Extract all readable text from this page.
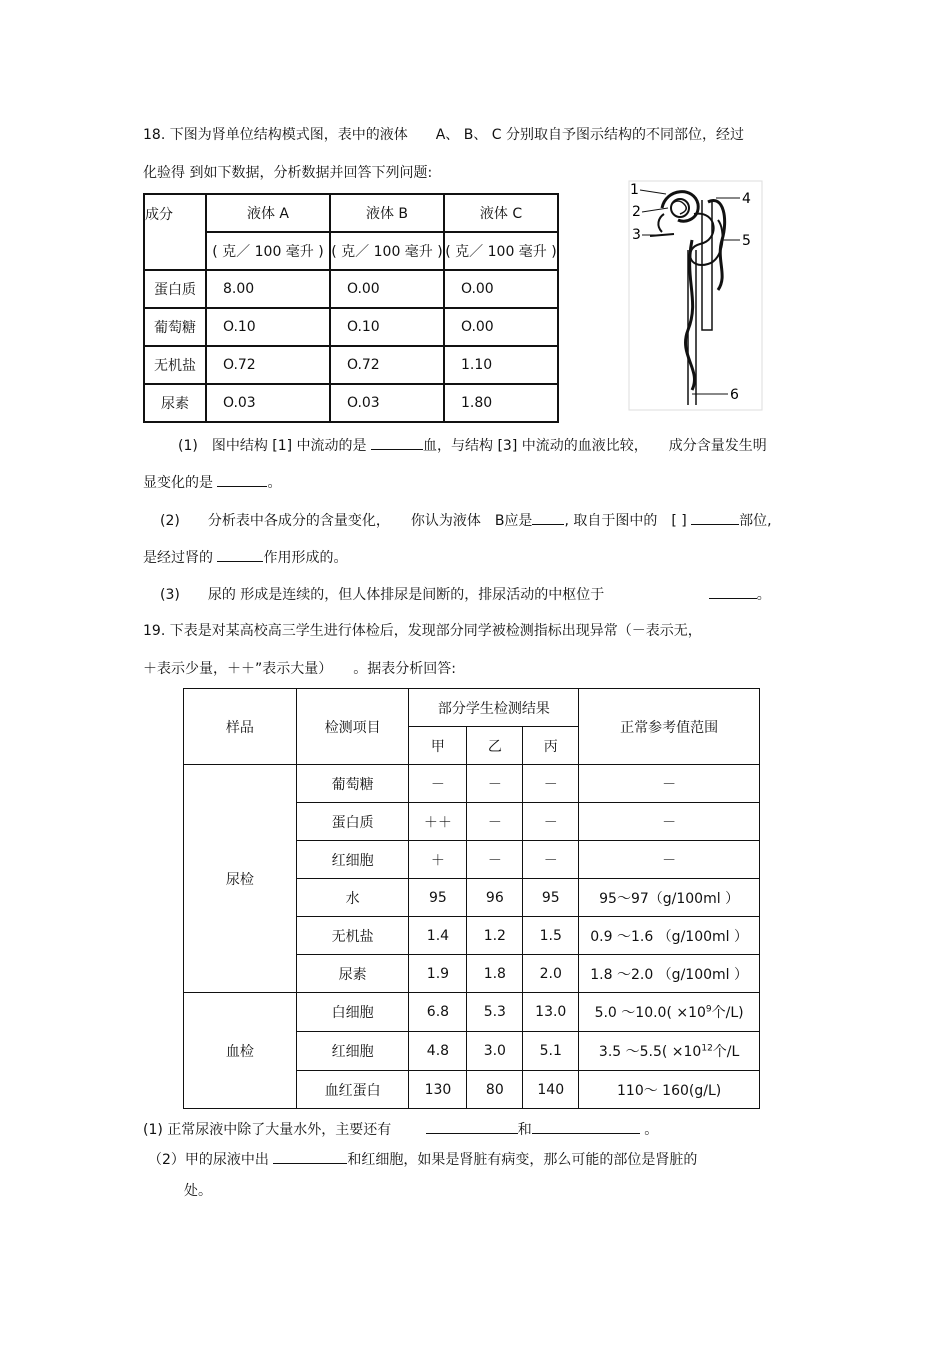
18. 下图为肾单位结构模式图，表中的液体　　A、 B、 C 分别取自予图示结构的不同部位，经过
化验得 到如下数据，分析数据并回答下列问题:
成分	液体 A	液体 B	液体 C
	( 克／ 100 毫升 )	( 克／ 100 毫升 )	( 克／ 100 毫升 )
蛋白质	8.00	O.00	O.00
葡萄糖	O.10	O.10	O.00
无机盐	O.72	O.72	1.10
尿素	O.03	O.03	1.80
1
2
3
4
5
6
(1)　图中结构 [1] 中流动的是	血，与结构 [3] 中流动的血液比较，　　成分含量发生明
显变化的是	。
(2)　　分析表中各成分的含量变化，　　你认为液体　B应是 , 取自于图中的　[ ]	部位,
是经过肾的	作用形成的。
(3)　　尿的 形成是连续的，但人体排尿是间断的，排尿活动的中枢位于	。
19. 下表是对某高校高三学生进行体检后，发现部分同学被检测指标出现异常（－表示无，
＋表示少量，＋＋”表示大量）　　。据表分析回答:
样品	检测项目	部分学生检测结果			正常参考值范围
		甲	乙	丙	
尿检	葡萄糖	－	－	－	－
	蛋白质	＋＋	－	－	－
	红细胞	＋	－	－	－
	水	95	96	95	95～97（g/100ml ）
	无机盐	1.4	1.2	1.5	0.9 ～1.6 （g/100ml ）
	尿素	1.9	1.8	2.0	1.8 ～2.0 （g/100ml ）
血检	白细胞	6.8	5.3	13.0	5.0 ～10.0( $\times 10^9$个/L)
	红细胞	4.8	3.0	5.1	3.5 ～5.5( $\times 10^{12}$个/L
	血红蛋白	130	80	140	110～ 160(g/L)
(1) 正常尿液中除了大量水外，主要还有	和	。
（2）甲的尿液中出	和红细胞，如果是肾脏有病变，那么可能的部位是肾脏的
处。
